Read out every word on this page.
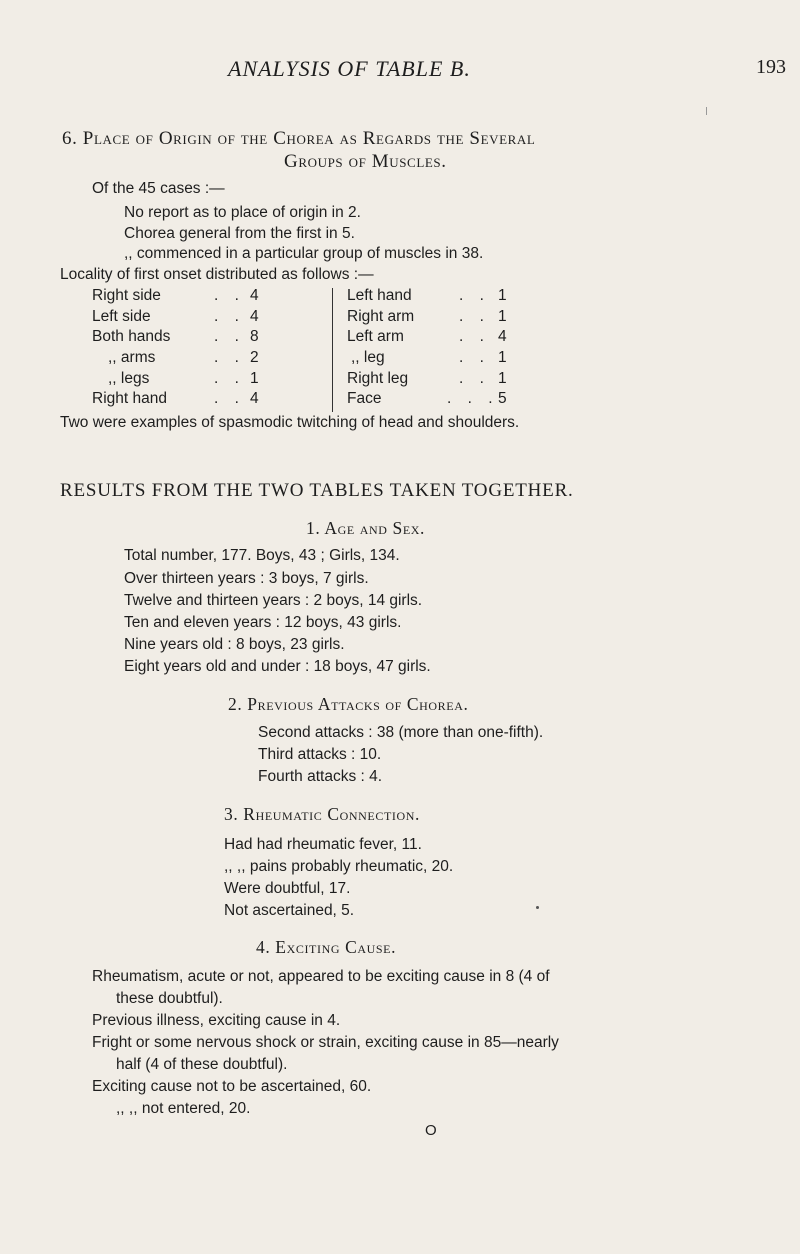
ANALYSIS OF TABLE B.	193
6. Place of Origin of the Chorea as Regards the Several
Groups of Muscles.
Of the 45 cases :—
No report as to place of origin in 2.
Chorea general from the first in 5.
,, commenced in a particular group of muscles in 38.
Locality of first onset distributed as follows :—
Right side	. . 4
Left side	. . 4
Both hands	. . 8
,, arms	. . 2
,, legs	. . 1
Right hand	. . 4
Left hand	. . 1
Right arm	. . 1
Left arm	. . 4
,, leg	. . 1
Right leg	. . 1
Face	. . . 5
Two were examples of spasmodic twitching of head and shoulders.
RESULTS FROM THE TWO TABLES TAKEN TOGETHER.
1. Age and Sex.
Total number, 177. Boys, 43 ; Girls, 134.
Over thirteen years : 3 boys, 7 girls.
Twelve and thirteen years : 2 boys, 14 girls.
Ten and eleven years : 12 boys, 43 girls.
Nine years old : 8 boys, 23 girls.
Eight years old and under : 18 boys, 47 girls.
2. Previous Attacks of Chorea.
Second attacks : 38 (more than one-fifth).
Third attacks : 10.
Fourth attacks : 4.
3. Rheumatic Connection.
Had had rheumatic fever, 11.
,, ,, pains probably rheumatic, 20.
Were doubtful, 17.
Not ascertained, 5.
4. Exciting Cause.
Rheumatism, acute or not, appeared to be exciting cause in 8 (4 of
these doubtful).
Previous illness, exciting cause in 4.
Fright or some nervous shock or strain, exciting cause in 85—nearly
half (4 of these doubtful).
Exciting cause not to be ascertained, 60.
,, ,, not entered, 20.
O
